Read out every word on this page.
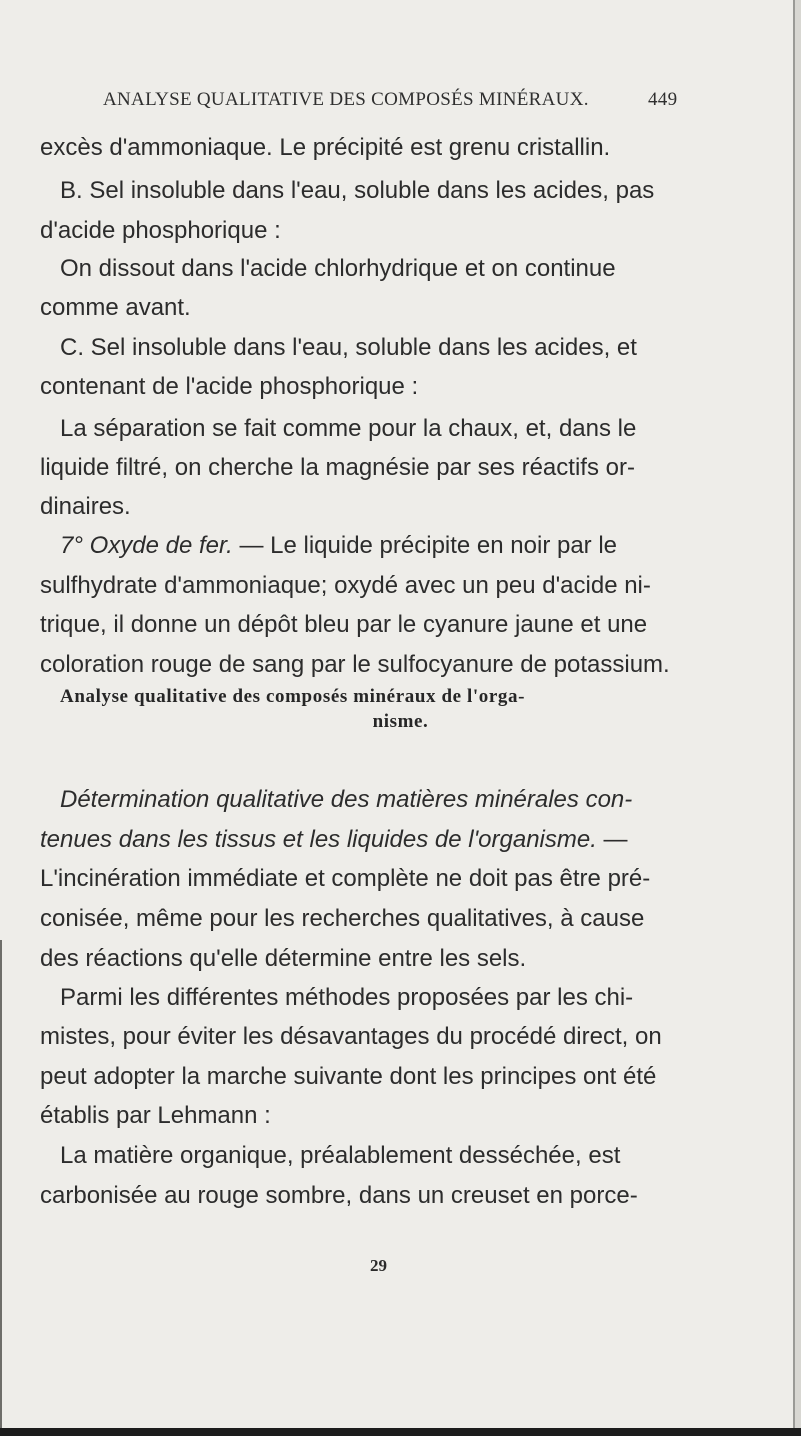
ANALYSE QUALITATIVE DES COMPOSÉS MINÉRAUX.	449
excès d'ammoniaque. Le précipité est grenu cristallin.
B. Sel insoluble dans l'eau, soluble dans les acides, pas
d'acide phosphorique :
On dissout dans l'acide chlorhydrique et on continue
comme avant.
C. Sel insoluble dans l'eau, soluble dans les acides, et
contenant de l'acide phosphorique :
La séparation se fait comme pour la chaux, et, dans le
liquide filtré, on cherche la magnésie par ses réactifs or-
dinaires.
7° Oxyde de fer. — Le liquide précipite en noir par le
sulfhydrate d'ammoniaque; oxydé avec un peu d'acide ni-
trique, il donne un dépôt bleu par le cyanure jaune et une
coloration rouge de sang par le sulfocyanure de potassium.
Analyse qualitative des composés minéraux de l'orga-
nisme.
Détermination qualitative des matières minérales con-
tenues dans les tissus et les liquides de l'organisme. —
L'incinération immédiate et complète ne doit pas être pré-
conisée, même pour les recherches qualitatives, à cause
des réactions qu'elle détermine entre les sels.
Parmi les différentes méthodes proposées par les chi-
mistes, pour éviter les désavantages du procédé direct, on
peut adopter la marche suivante dont les principes ont été
établis par Lehmann :
La matière organique, préalablement desséchée, est
carbonisée au rouge sombre, dans un creuset en porce-
29
